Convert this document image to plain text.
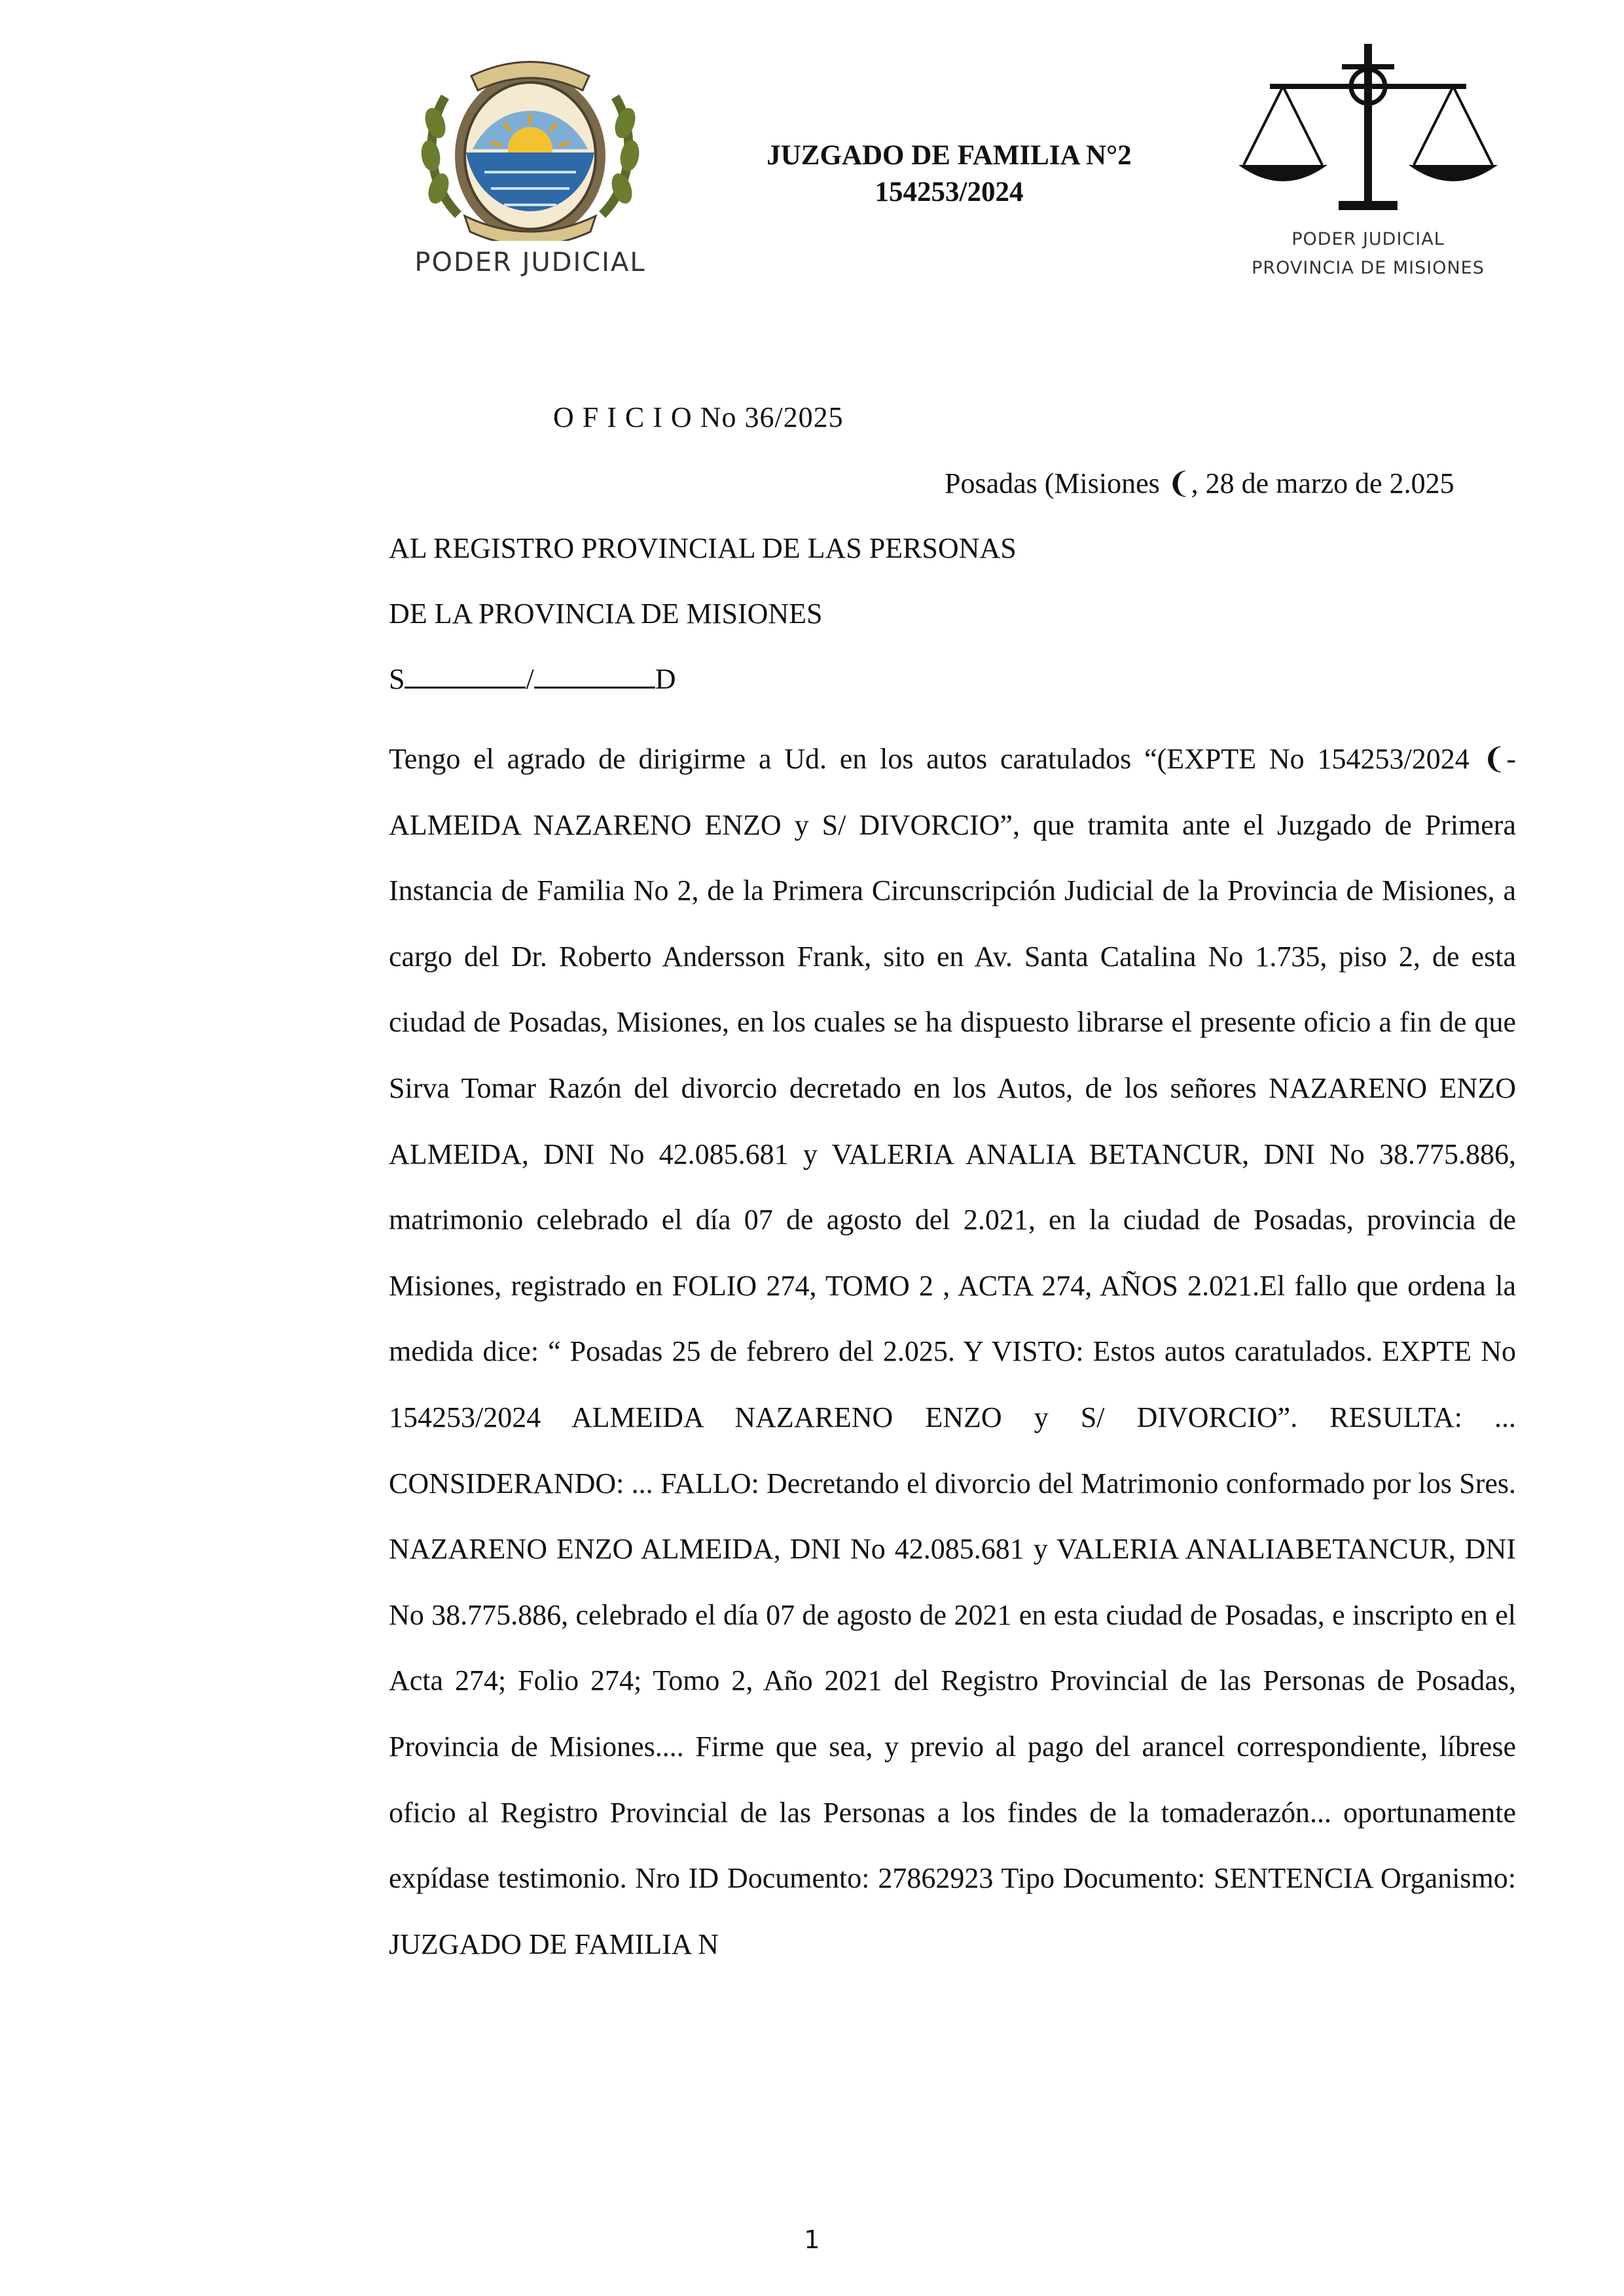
PODER JUDICIAL
JUZGADO DE FAMILIA N°2
154253/2024
PODER JUDICIAL
PROVINCIA DE MISIONES
O F I C I O No 36/2025
Posadas (Misiones ❨, 28 de marzo de 2.025
AL REGISTRO PROVINCIAL DE LAS PERSONAS
DE LA PROVINCIA DE MISIONES
S	/	D
Tengo el agrado de dirigirme a Ud. en los autos caratulados “(EXPTE No 154253/2024 ❨- ALMEIDA NAZARENO ENZO y S/ DIVORCIO”, que tramita ante el Juzgado de Primera Instancia de Familia No 2, de la Primera Circunscripción Judicial de la Provincia de Misiones, a cargo del Dr. Roberto Andersson Frank, sito en Av. Santa Catalina No 1.735, piso 2, de esta ciudad de Posadas, Misiones, en los cuales se ha dispuesto librarse el presente oficio a fin de que Sirva Tomar Razón del divorcio decretado en los Autos, de los señores NAZARENO ENZO ALMEIDA, DNI No 42.085.681 y VALERIA ANALIA BETANCUR, DNI No 38.775.886, matrimonio celebrado el día 07 de agosto del 2.021, en la ciudad de Posadas, provincia de Misiones, registrado en FOLIO 274, TOMO 2 , ACTA 274, AÑOS 2.021.El fallo que ordena la medida dice: “ Posadas 25 de febrero del 2.025. Y VISTO: Estos autos caratulados. EXPTE No 154253/2024 ALMEIDA NAZARENO ENZO y S/ DIVORCIO”. RESULTA: ... CONSIDERANDO: ... FALLO: Decretando el divorcio del Matrimonio conformado por los Sres. NAZARENO ENZO ALMEIDA, DNI No 42.085.681 y VALERIA ANALIABETANCUR, DNI No 38.775.886, celebrado el día 07 de agosto de 2021 en esta ciudad de Posadas, e inscripto en el Acta 274; Folio 274; Tomo 2, Año 2021 del Registro Provincial de las Personas de Posadas, Provincia de Misiones.... Firme que sea, y previo al pago del arancel correspondiente, líbrese oficio al Registro Provincial de las Personas a los findes de la tomaderazón... oportunamente expídase testimonio. Nro ID Documento: 27862923 Tipo Documento: SENTENCIA Organismo: JUZGADO DE FAMILIA N
1
